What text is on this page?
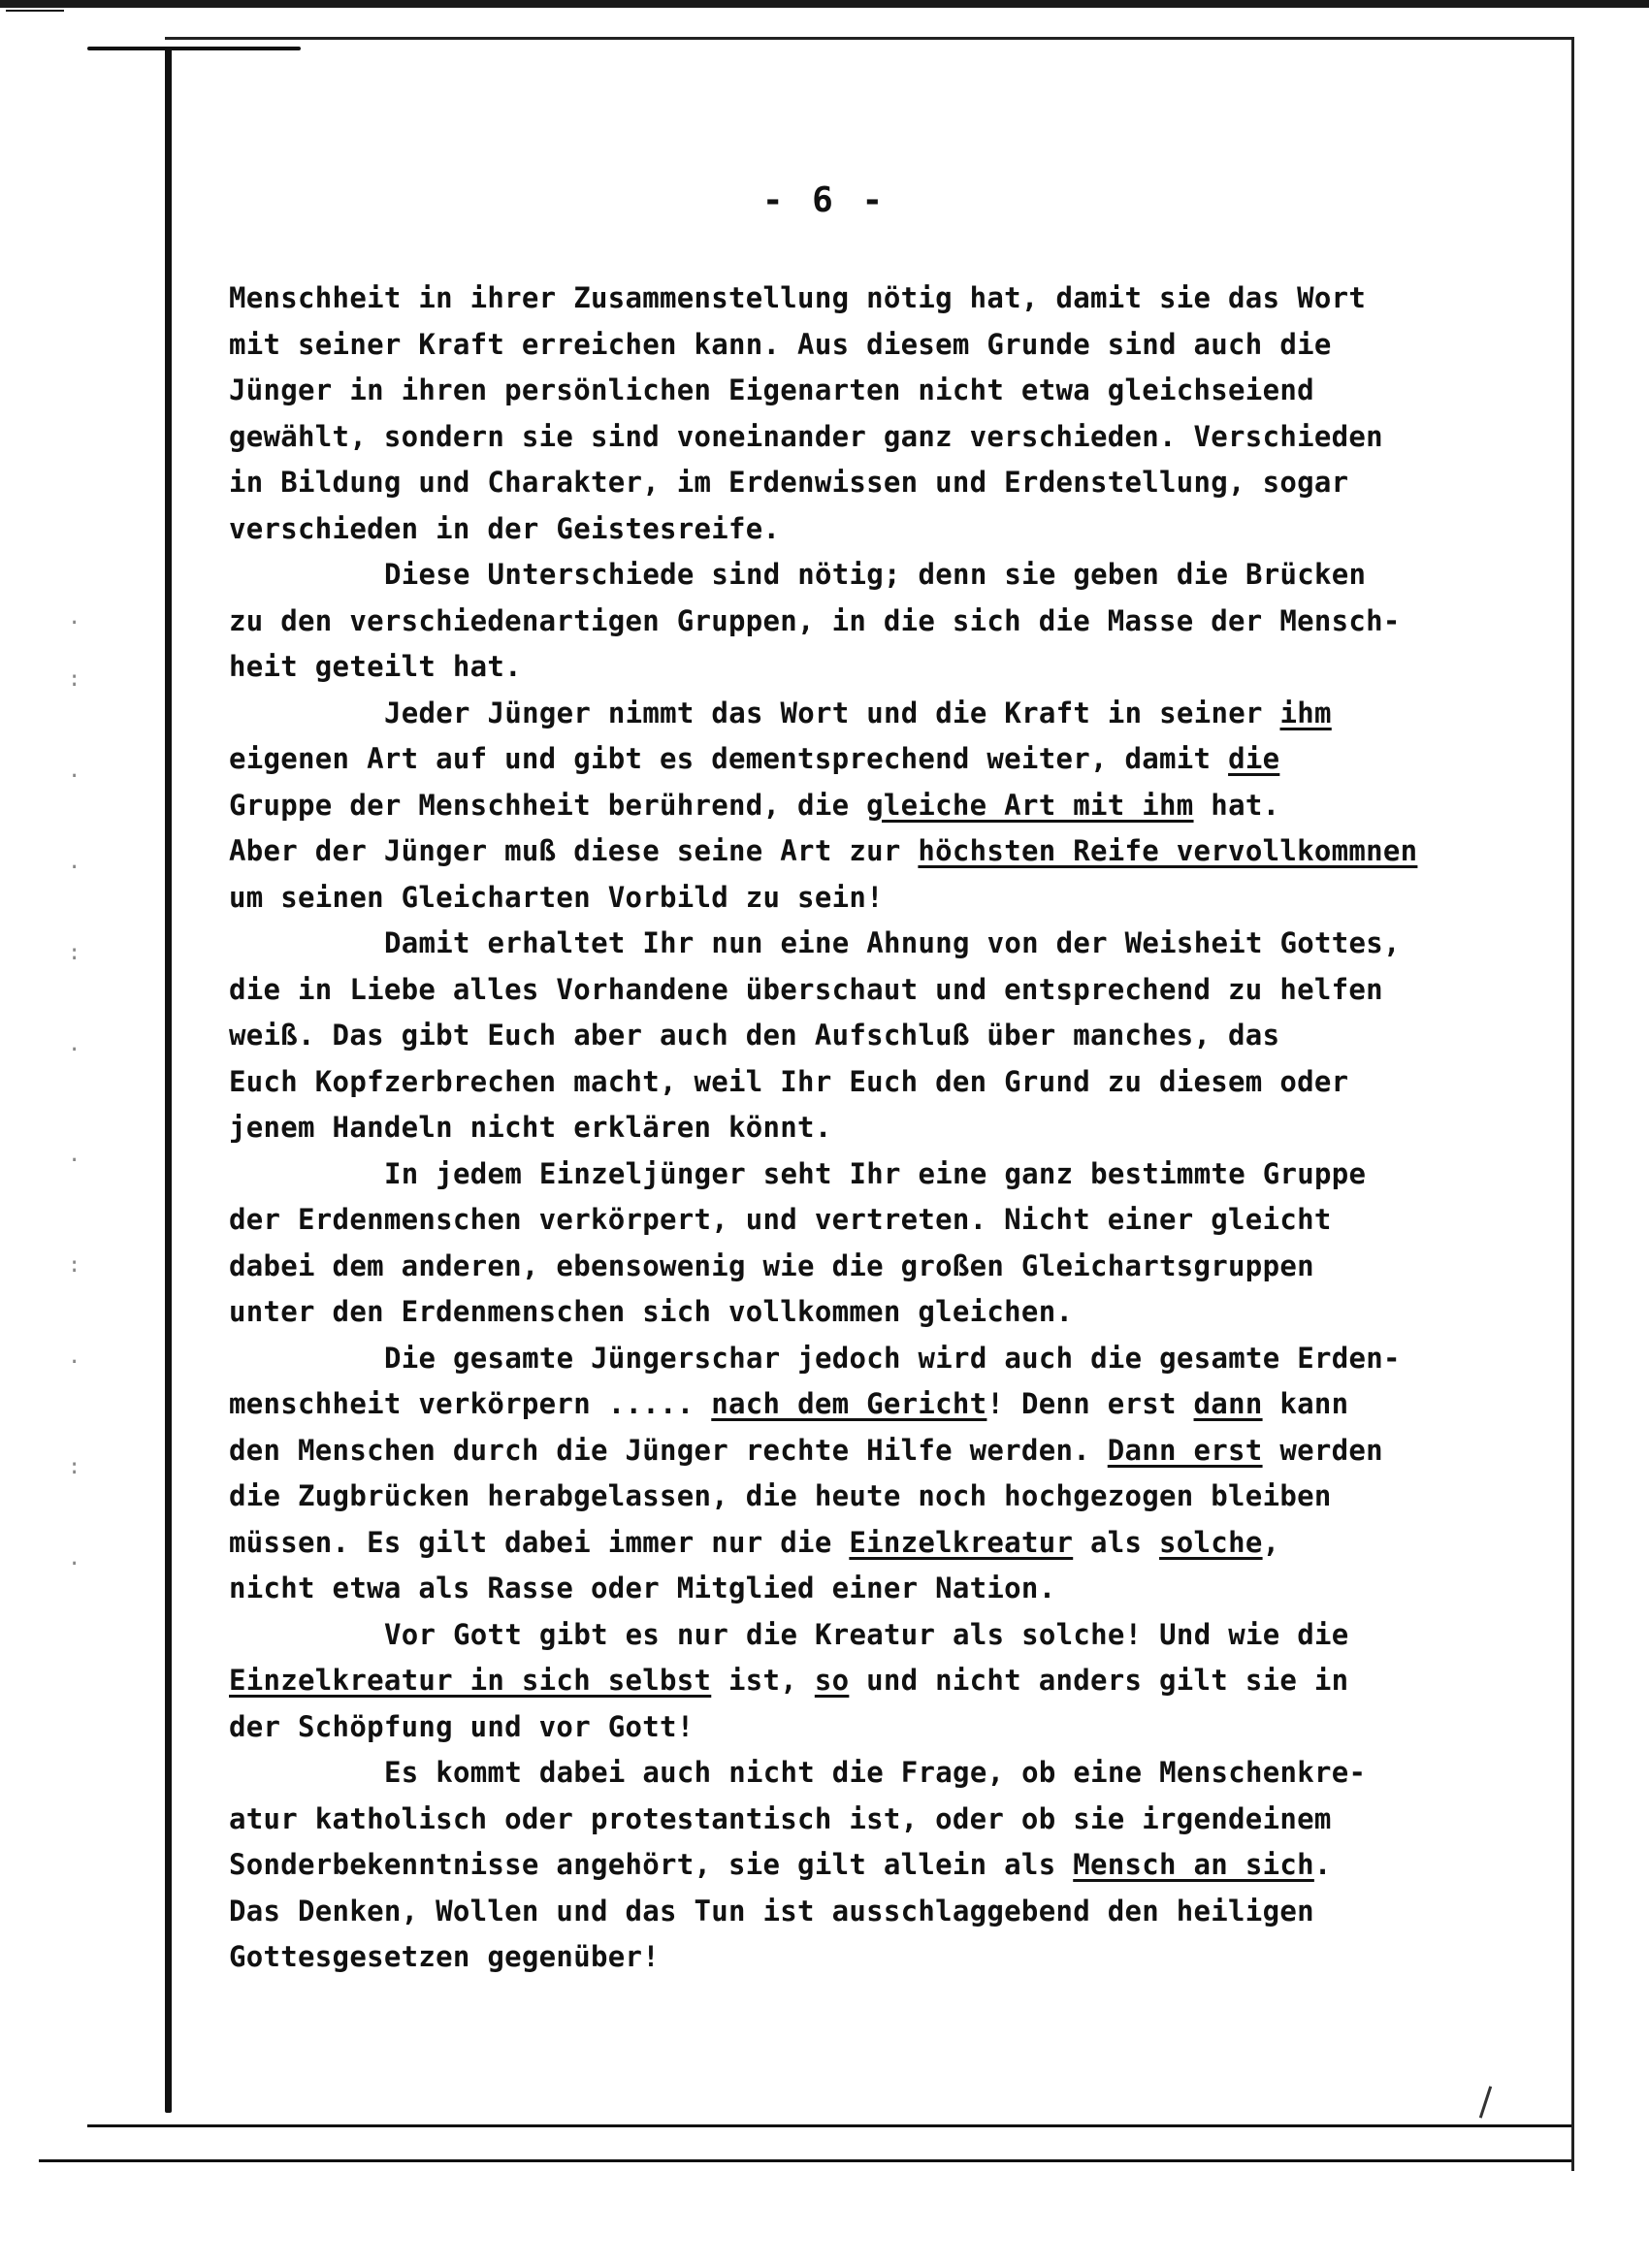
.
:
.
.
:
.
.
:
.
:
.
- 6 -
Menschheit in ihrer Zusammenstellung nötig hat, damit sie das Wort
mit seiner Kraft erreichen kann. Aus diesem Grunde sind auch die
Jünger in ihren persönlichen Eigenarten nicht etwa gleichseiend
gewählt, sondern sie sind voneinander ganz verschieden. Verschieden
in Bildung und Charakter, im Erdenwissen und Erdenstellung, sogar
verschieden in der Geistesreife.
Diese Unterschiede sind nötig; denn sie geben die Brücken
zu den verschiedenartigen Gruppen, in die sich die Masse der Mensch-
heit geteilt hat.
Jeder Jünger nimmt das Wort und die Kraft in seiner ihm
eigenen Art auf und gibt es dementsprechend weiter, damit die
Gruppe der Menschheit berührend, die gleiche Art mit ihm hat.
Aber der Jünger muß diese seine Art zur höchsten Reife vervollkommnen
um seinen Gleicharten Vorbild zu sein!
Damit erhaltet Ihr nun eine Ahnung von der Weisheit Gottes,
die in Liebe alles Vorhandene überschaut und entsprechend zu helfen
weiß. Das gibt Euch aber auch den Aufschluß über manches, das
Euch Kopfzerbrechen macht, weil Ihr Euch den Grund zu diesem oder
jenem Handeln nicht erklären könnt.
In jedem Einzeljünger seht Ihr eine ganz bestimmte Gruppe
der Erdenmenschen verkörpert, und vertreten. Nicht einer gleicht
dabei dem anderen, ebensowenig wie die großen Gleichartsgruppen
unter den Erdenmenschen sich vollkommen gleichen.
Die gesamte Jüngerschar jedoch wird auch die gesamte Erden-
menschheit verkörpern ..... nach dem Gericht! Denn erst dann kann
den Menschen durch die Jünger rechte Hilfe werden. Dann erst werden
die Zugbrücken herabgelassen, die heute noch hochgezogen bleiben
müssen. Es gilt dabei immer nur die Einzelkreatur als solche,
nicht etwa als Rasse oder Mitglied einer Nation.
Vor Gott gibt es nur die Kreatur als solche! Und wie die
Einzelkreatur in sich selbst ist, so und nicht anders gilt sie in
der Schöpfung und vor Gott!
Es kommt dabei auch nicht die Frage, ob eine Menschenkre-
atur katholisch oder protestantisch ist, oder ob sie irgendeinem
Sonderbekenntnisse angehört, sie gilt allein als Mensch an sich.
Das Denken, Wollen und das Tun ist ausschlaggebend den heiligen
Gottesgesetzen gegenüber!
